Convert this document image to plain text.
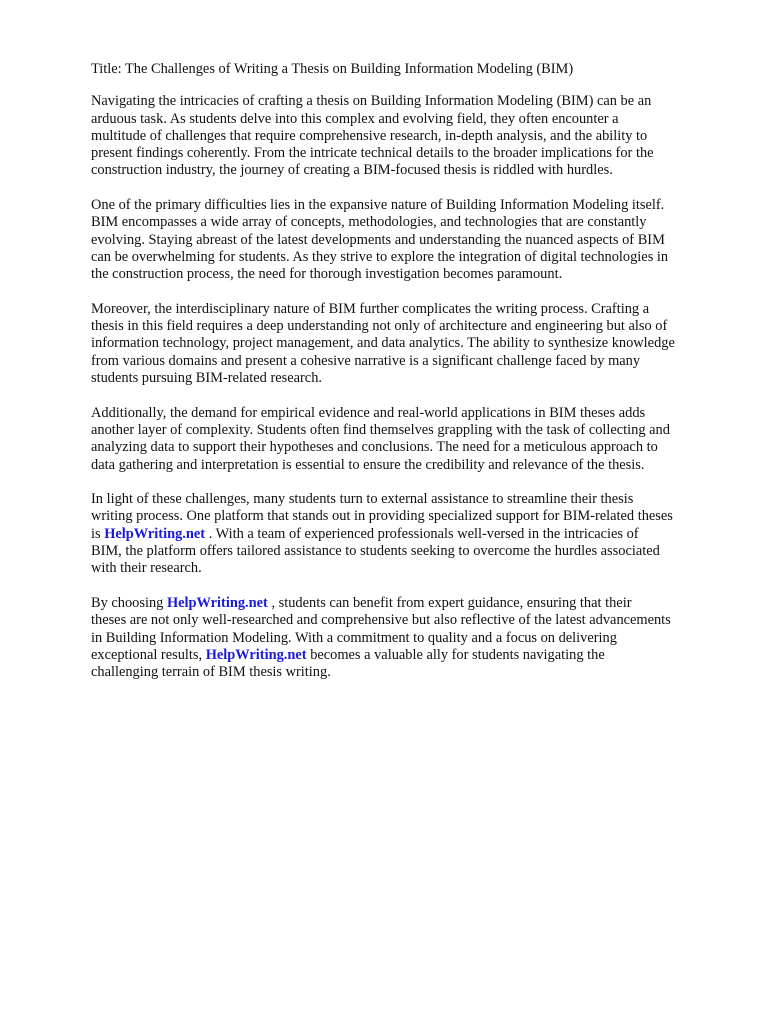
Title: The Challenges of Writing a Thesis on Building Information Modeling (BIM)

Navigating the intricacies of crafting a thesis on Building Information Modeling (BIM) can be an
arduous task. As students delve into this complex and evolving field, they often encounter a
multitude of challenges that require comprehensive research, in-depth analysis, and the ability to
present findings coherently. From the intricate technical details to the broader implications for the
construction industry, the journey of creating a BIM-focused thesis is riddled with hurdles.

One of the primary difficulties lies in the expansive nature of Building Information Modeling itself.
BIM encompasses a wide array of concepts, methodologies, and technologies that are constantly
evolving. Staying abreast of the latest developments and understanding the nuanced aspects of BIM
can be overwhelming for students. As they strive to explore the integration of digital technologies in
the construction process, the need for thorough investigation becomes paramount.

Moreover, the interdisciplinary nature of BIM further complicates the writing process. Crafting a
thesis in this field requires a deep understanding not only of architecture and engineering but also of
information technology, project management, and data analytics. The ability to synthesize knowledge
from various domains and present a cohesive narrative is a significant challenge faced by many
students pursuing BIM-related research.

Additionally, the demand for empirical evidence and real-world applications in BIM theses adds
another layer of complexity. Students often find themselves grappling with the task of collecting and
analyzing data to support their hypotheses and conclusions. The need for a meticulous approach to
data gathering and interpretation is essential to ensure the credibility and relevance of the thesis.

In light of these challenges, many students turn to external assistance to streamline their thesis
writing process. One platform that stands out in providing specialized support for BIM-related theses
is HelpWriting.net . With a team of experienced professionals well-versed in the intricacies of
BIM, the platform offers tailored assistance to students seeking to overcome the hurdles associated
with their research.

By choosing HelpWriting.net , students can benefit from expert guidance, ensuring that their
theses are not only well-researched and comprehensive but also reflective of the latest advancements
in Building Information Modeling. With a commitment to quality and a focus on delivering
exceptional results, HelpWriting.net becomes a valuable ally for students navigating the
challenging terrain of BIM thesis writing.
